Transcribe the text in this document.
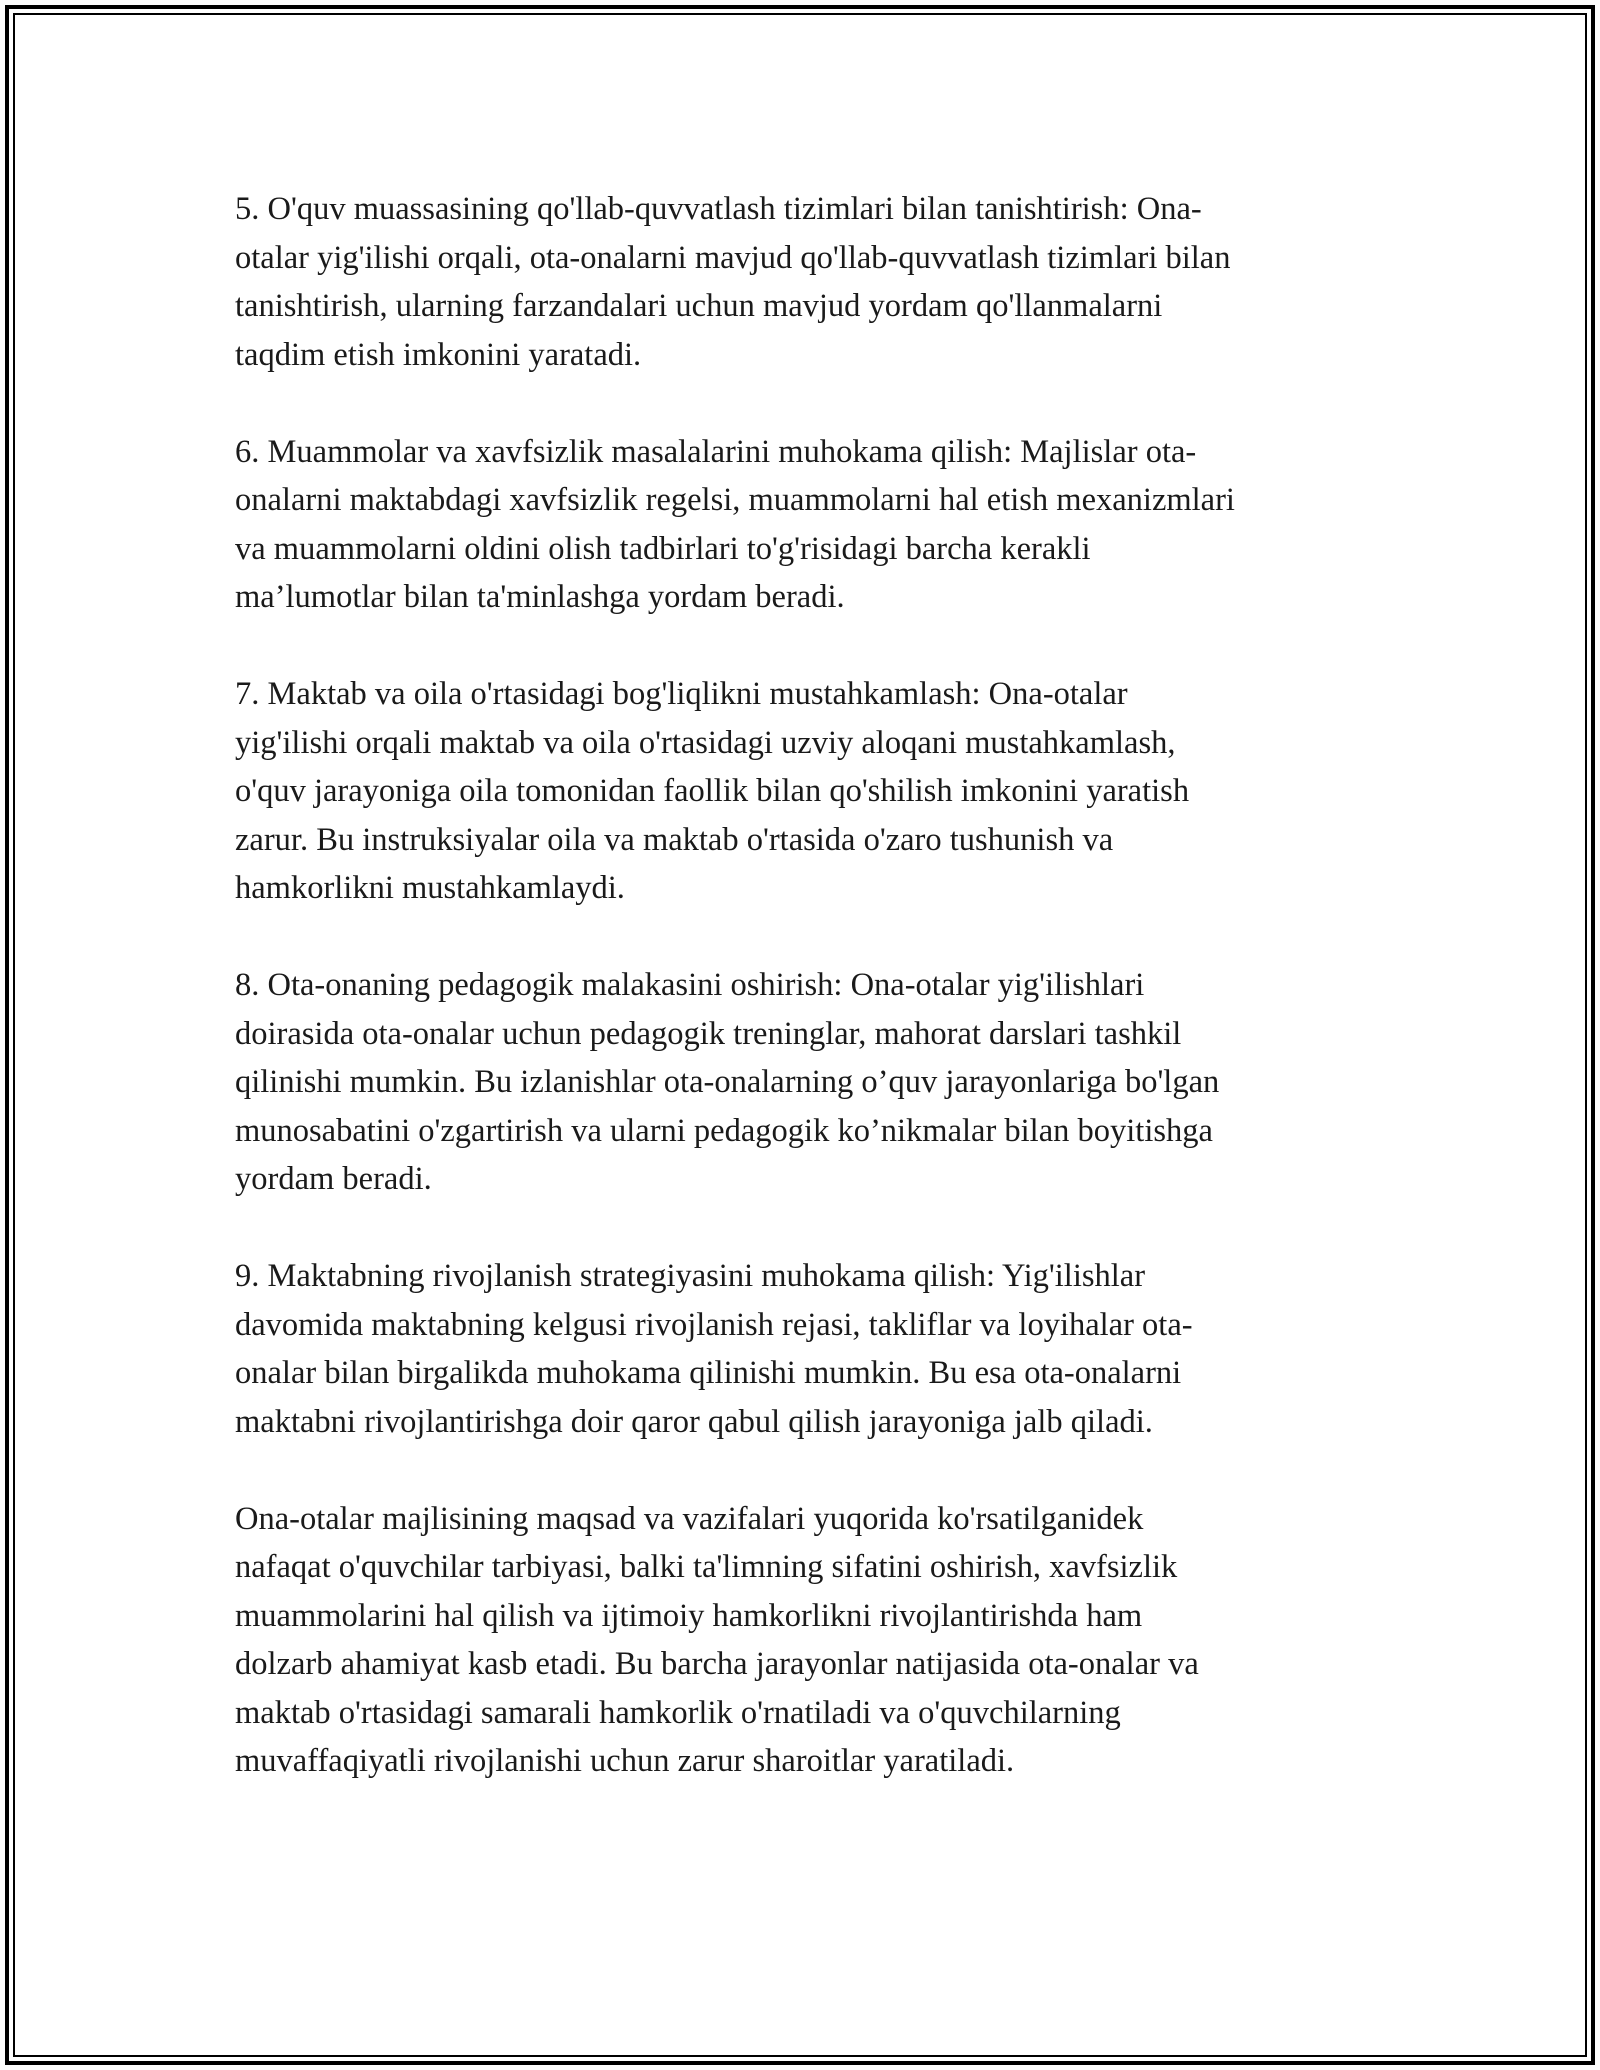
5. O'quv muassasining qo'llab-quvvatlash tizimlari bilan tanishtirish: Ona-
otalar yig'ilishi orqali, ota-onalarni mavjud qo'llab-quvvatlash tizimlari bilan
tanishtirish, ularning farzandalari uchun mavjud yordam qo'llanmalarni
taqdim etish imkonini yaratadi.

6. Muammolar va xavfsizlik masalalarini muhokama qilish: Majlislar ota-
onalarni maktabdagi xavfsizlik regelsi, muammolarni hal etish mexanizmlari
va muammolarni oldini olish tadbirlari to'g'risidagi barcha kerakli
ma’lumotlar bilan ta'minlashga yordam beradi.

7. Maktab va oila o'rtasidagi bog'liqlikni mustahkamlash: Ona-otalar
yig'ilishi orqali maktab va oila o'rtasidagi uzviy aloqani mustahkamlash,
o'quv jarayoniga oila tomonidan faollik bilan qo'shilish imkonini yaratish
zarur. Bu instruksiyalar oila va maktab o'rtasida o'zaro tushunish va
hamkorlikni mustahkamlaydi.

8. Ota-onaning pedagogik malakasini oshirish: Ona-otalar yig'ilishlari
doirasida ota-onalar uchun pedagogik treninglar, mahorat darslari tashkil
qilinishi mumkin. Bu izlanishlar ota-onalarning o’quv jarayonlariga bo'lgan
munosabatini o'zgartirish va ularni pedagogik ko’nikmalar bilan boyitishga
yordam beradi.

9. Maktabning rivojlanish strategiyasini muhokama qilish: Yig'ilishlar
davomida maktabning kelgusi rivojlanish rejasi, takliflar va loyihalar ota-
onalar bilan birgalikda muhokama qilinishi mumkin. Bu esa ota-onalarni
maktabni rivojlantirishga doir qaror qabul qilish jarayoniga jalb qiladi.

Ona-otalar majlisining maqsad va vazifalari yuqorida ko'rsatilganidek
nafaqat o'quvchilar tarbiyasi, balki ta'limning sifatini oshirish, xavfsizlik
muammolarini hal qilish va ijtimoiy hamkorlikni rivojlantirishda ham
dolzarb ahamiyat kasb etadi. Bu barcha jarayonlar natijasida ota-onalar va
maktab o'rtasidagi samarali hamkorlik o'rnatiladi va o'quvchilarning
muvaffaqiyatli rivojlanishi uchun zarur sharoitlar yaratiladi.
